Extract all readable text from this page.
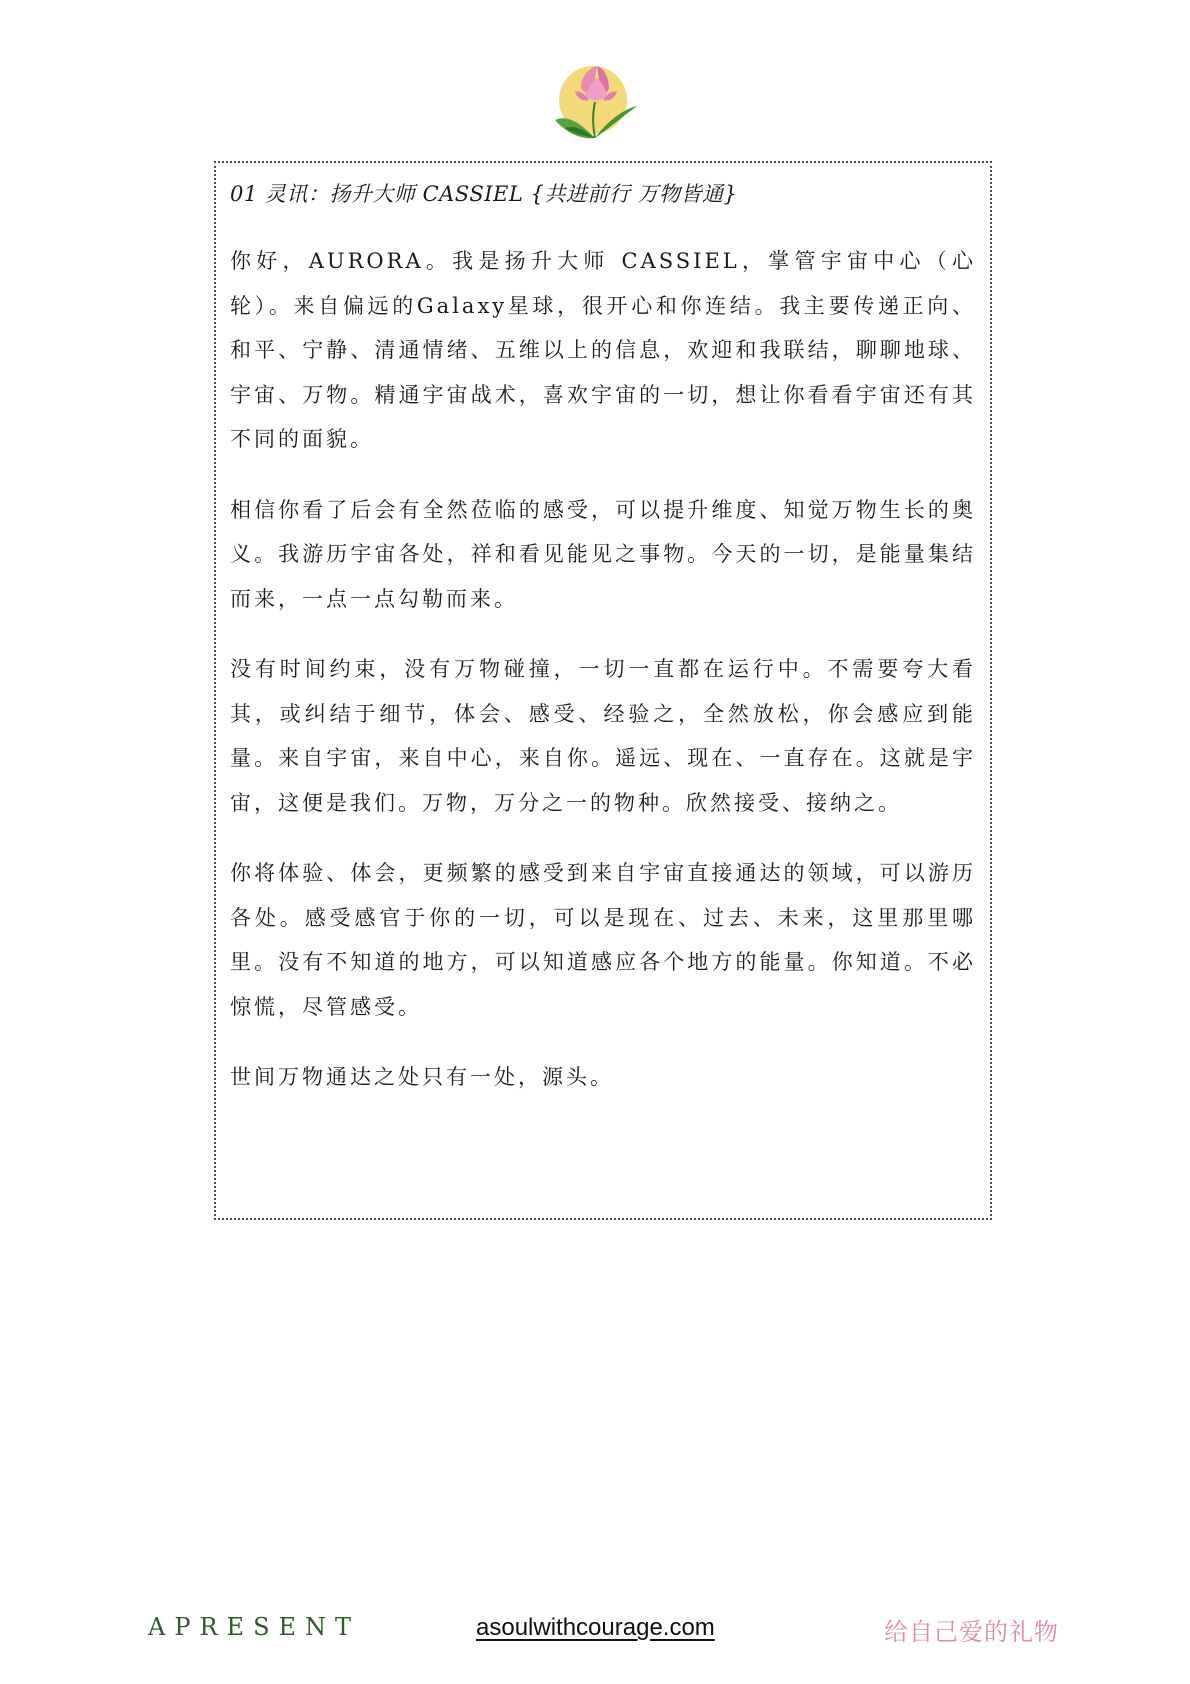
01 灵讯：扬升大师 CASSIEL {共进前行 万物皆通}

你好，AURORA。我是扬升大师 CASSIEL，掌管宇宙中心（心轮）。来自偏远的Galaxy星球，很开心和你连结。我主要传递正向、和平、宁静、清通情绪、五维以上的信息，欢迎和我联结，聊聊地球、宇宙、万物。精通宇宙战术，喜欢宇宙的一切，想让你看看宇宙还有其不同的面貌。

相信你看了后会有全然莅临的感受，可以提升维度、知觉万物生长的奥义。我游历宇宙各处，祥和看见能见之事物。今天的一切，是能量集结而来，一点一点勾勒而来。

没有时间约束，没有万物碰撞，一切一直都在运行中。不需要夸大看其，或纠结于细节，体会、感受、经验之，全然放松，你会感应到能量。来自宇宙，来自中心，来自你。遥远、现在、一直存在。这就是宇宙，这便是我们。万物，万分之一的物种。欣然接受、接纳之。

你将体验、体会，更频繁的感受到来自宇宙直接通达的领域，可以游历各处。感受感官于你的一切，可以是现在、过去、未来，这里那里哪里。没有不知道的地方，可以知道感应各个地方的能量。你知道。不必惊慌，尽管感受。

世间万物通达之处只有一处，源头。

APRESENT	asoulwithcourage.com	给自己爱的礼物
